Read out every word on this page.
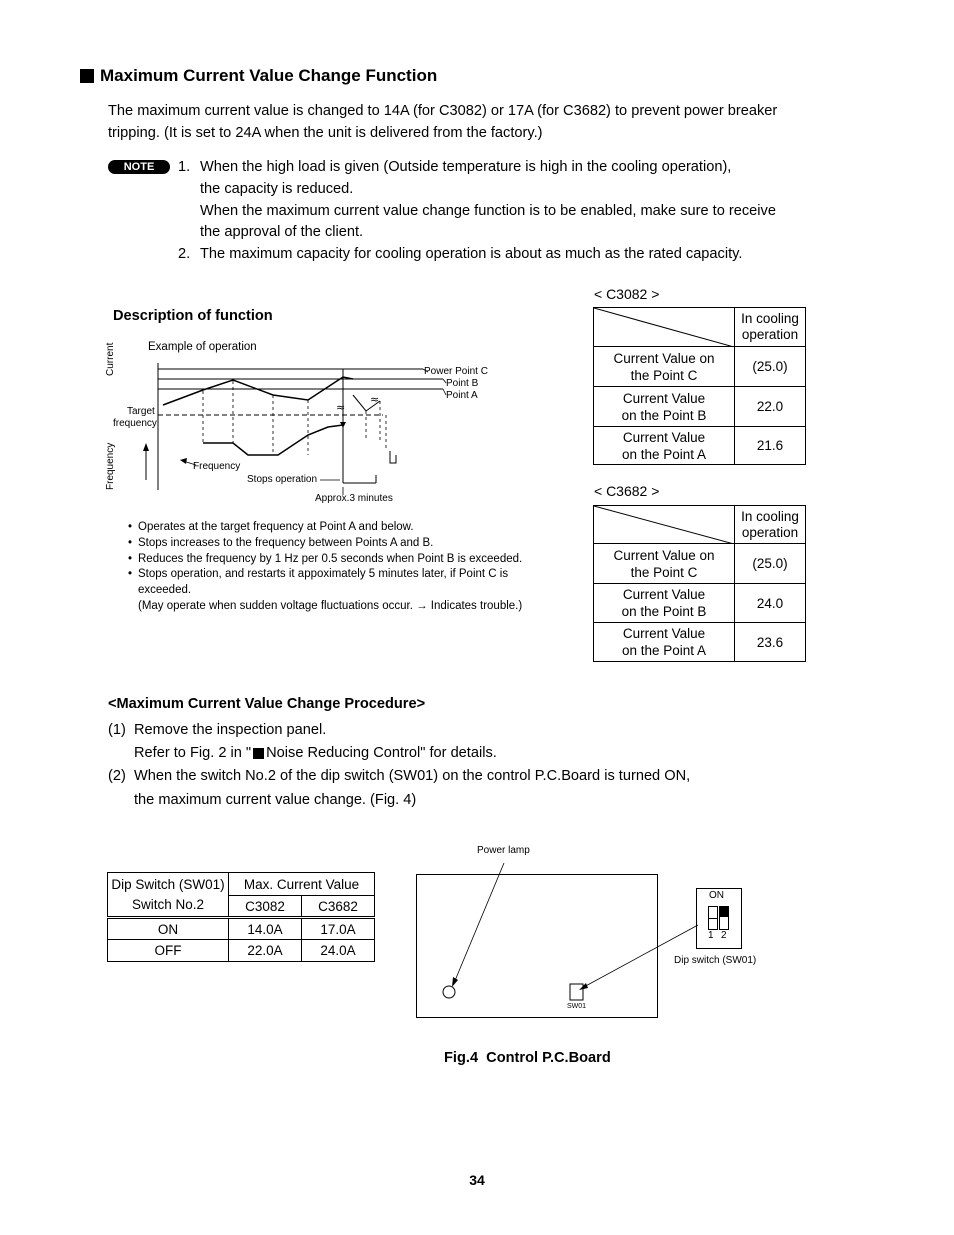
Maximum Current Value Change Function
The maximum current value is changed to 14A (for C3082) or 17A (for C3682) to prevent power breaker
tripping. (It is set to 24A when the unit is delivered from the factory.)
NOTE	1. When the high load is given (Outside temperature is high in the cooling operation),
the capacity is reduced.
When the maximum current value change function is to be enabled, make sure to receive
the approval of the client.
2. The maximum capacity for cooling operation is about as much as the rated capacity.
Description of function
Example of operation
≈
≈
Current
Frequency
Target
frequency
Power Point C
Point B
Point A
Frequency
Stops operation
Approx.3 minutes
• Operates at the target frequency at Point A and below.
• Stops increases to the frequency between Points A and B.
• Reduces the frequency by 1 Hz per 0.5 seconds when Point B is exceeded.
• Stops operation, and restarts it appoximately 5 minutes later, if Point C is
exceeded.
(May operate when sudden voltage fluctuations occur. → Indicates trouble.)
< C3082 >

In cooling
operation

Current Value on
the Point C	(25.0)

Current Value
on the Point B	22.0

Current Value
on the Point A	21.6
< C3682 >

In cooling
operation

Current Value on
the Point C	(25.0)

Current Value
on the Point B	24.0

Current Value
on the Point A	23.6
<Maximum Current Value Change Procedure>
(1) Remove the inspection panel.
Refer to Fig. 2 in " Noise Reducing Control" for details.
(2) When the switch No.2 of the dip switch (SW01) on the control P.C.Board is turned ON,
the maximum current value change. (Fig. 4)
Dip Switch (SW01)
Switch No.2	Max. Current Value	
	C3082	C3682
ON	14.0A	17.0A
OFF	22.0A	24.0A
Power lamp
SW01
ON
1 2
Dip switch (SW01)
Fig.4  Control P.C.Board
34
